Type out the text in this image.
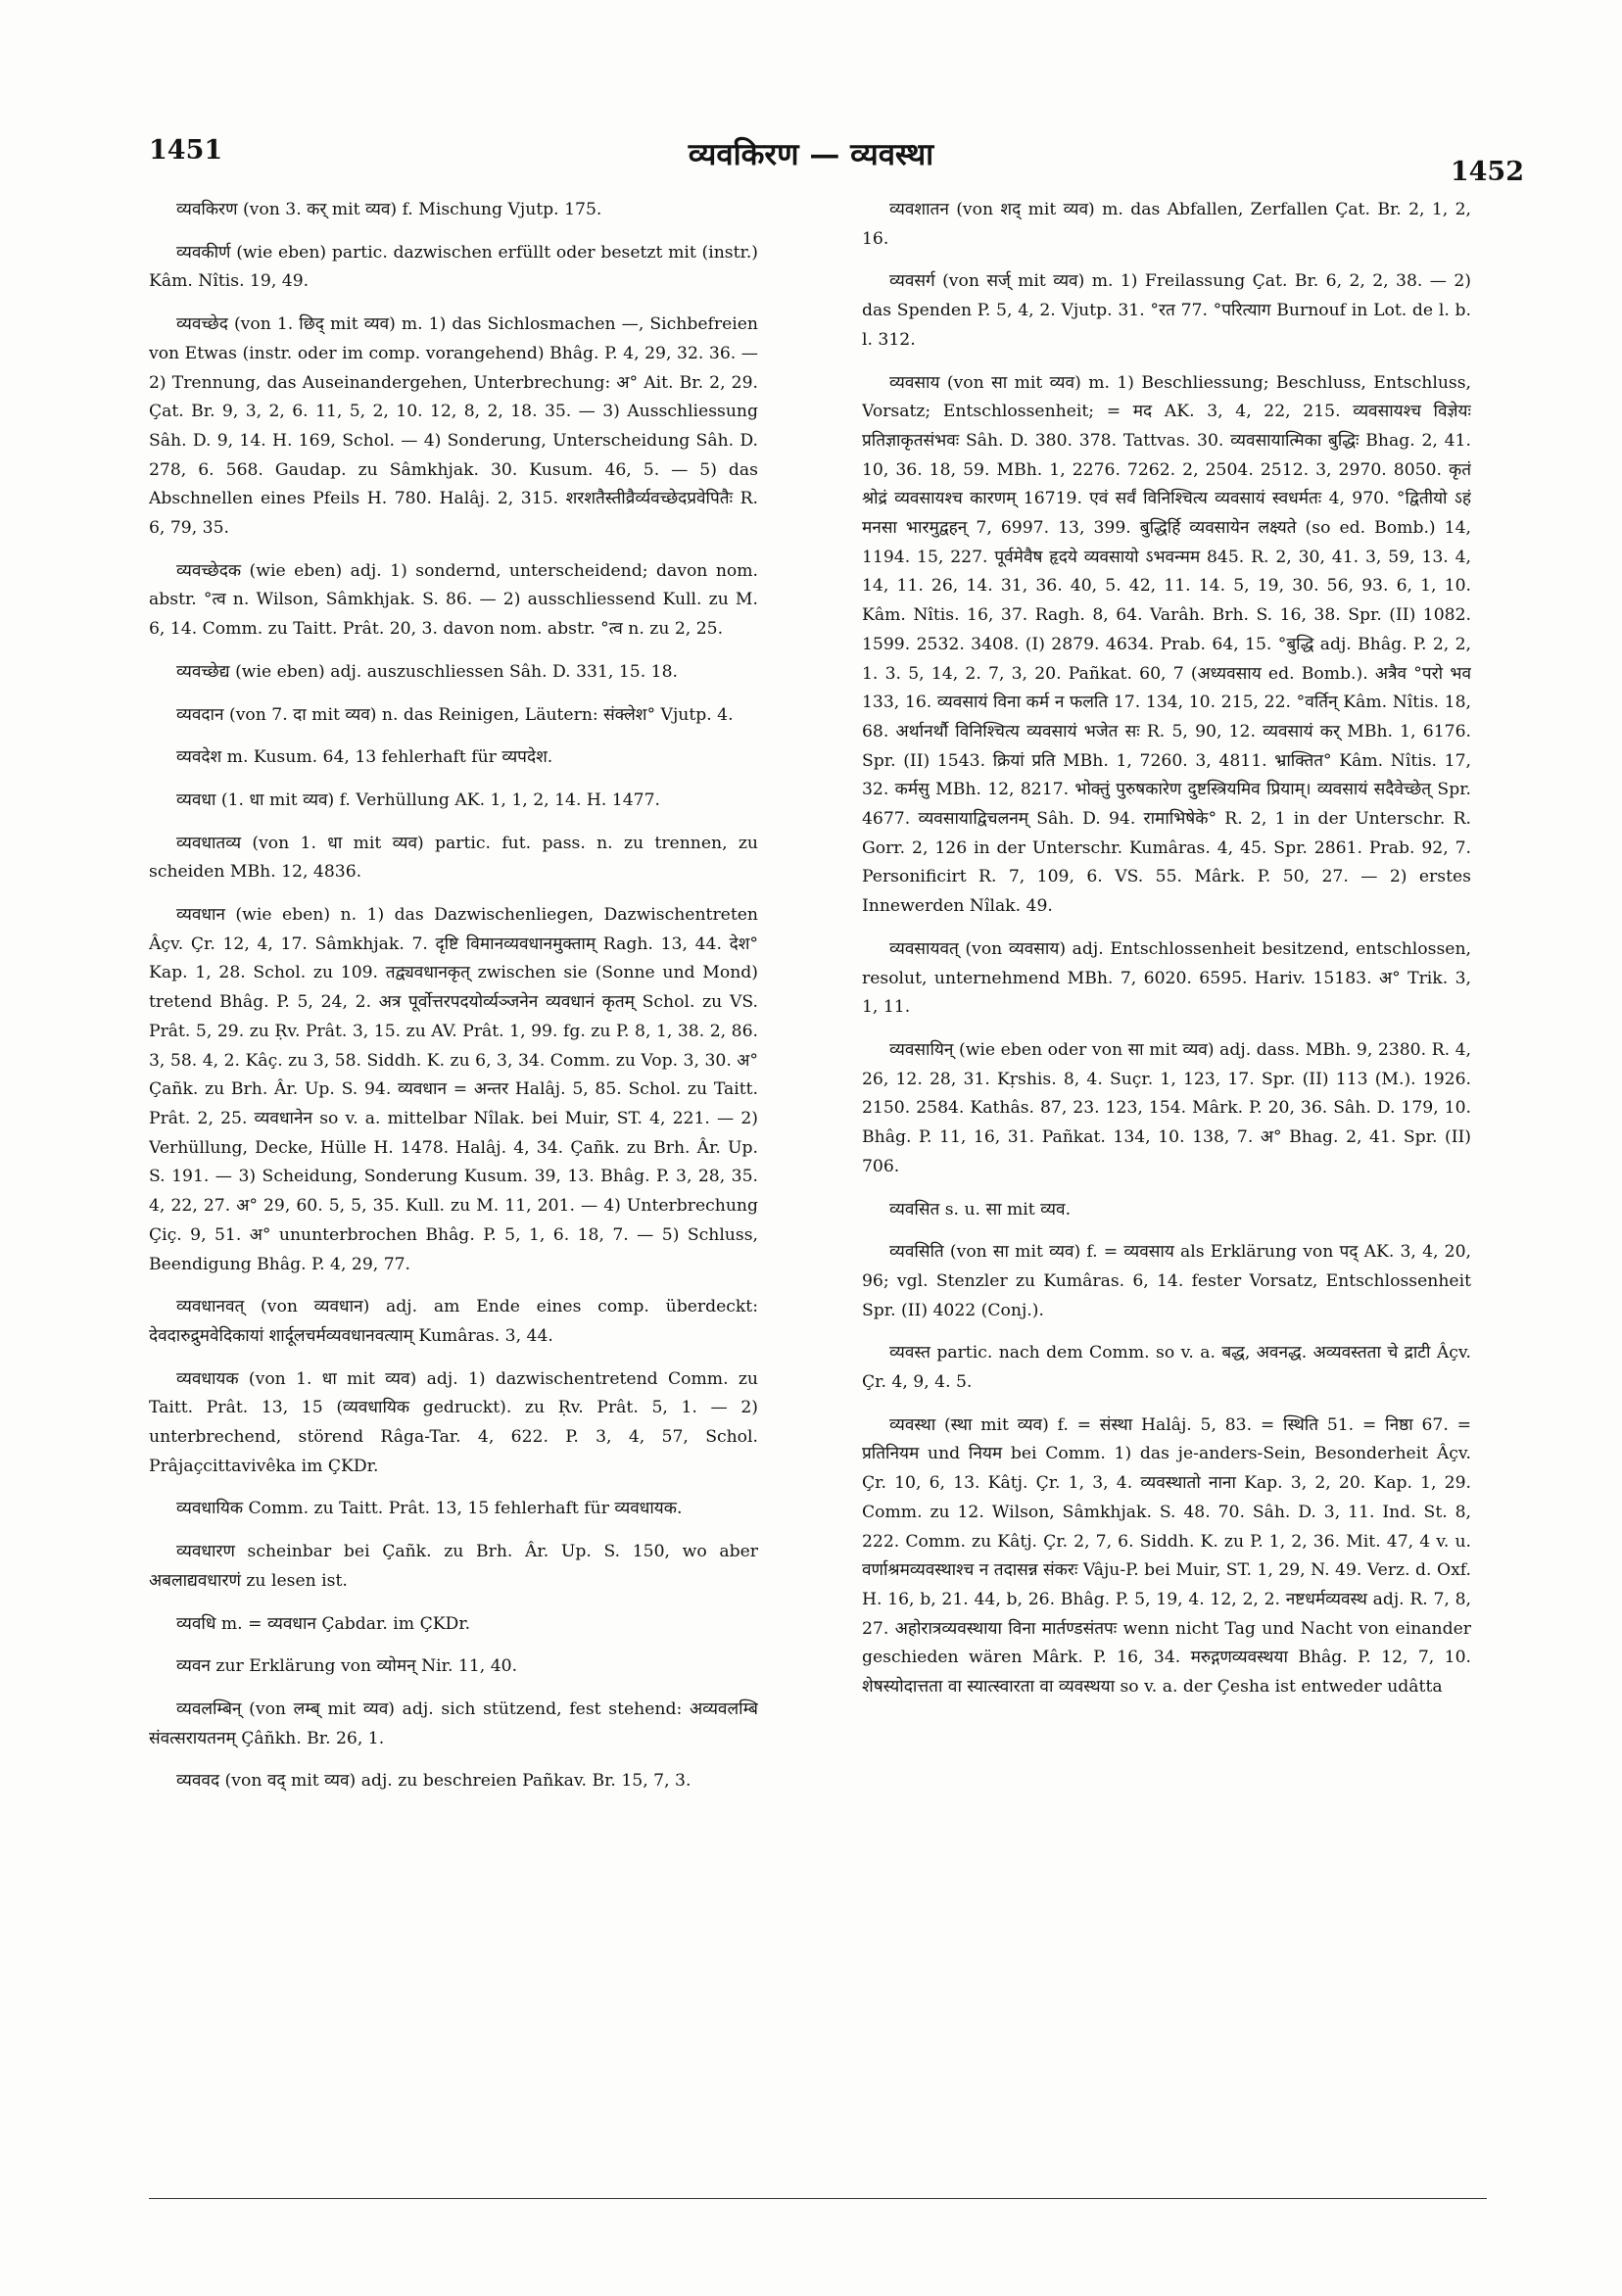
1451	व्यवकिरण — व्यवस्था	1452

व्यवकिरण (von 3. कर् mit व्यव) f. Mischung Vjutp. 175.

व्यवकीर्ण (wie eben) partic. dazwischen erfüllt oder besetzt mit (instr.) Kâm. Nîtis. 19, 49.

व्यवच्छेद (von 1. छिद् mit व्यव) m. 1) das Sichlosmachen —, Sichbefreien von Etwas (instr. oder im comp. vorangehend) Bhâg. P. 4, 29, 32. 36. — 2) Trennung, das Auseinandergehen, Unterbrechung: अ° Ait. Br. 2, 29. Çat. Br. 9, 3, 2, 6. 11, 5, 2, 10. 12, 8, 2, 18. 35. — 3) Ausschliessung Sâh. D. 9, 14. H. 169, Schol. — 4) Sonderung, Unterscheidung Sâh. D. 278, 6. 568. Gaudap. zu Sâmkhjak. 30. Kusum. 46, 5. — 5) das Abschnellen eines Pfeils H. 780. Halâj. 2, 315. शरशतैस्तीव्रैर्व्यवच्छेदप्रवेपितैः R. 6, 79, 35.

व्यवच्छेदक (wie eben) adj. 1) sondernd, unterscheidend; davon nom. abstr. °त्व n. Wilson, Sâmkhjak. S. 86. — 2) ausschliessend Kull. zu M. 6, 14. Comm. zu Taitt. Prât. 20, 3. davon nom. abstr. °त्व n. zu 2, 25.

व्यवच्छेद्य (wie eben) adj. auszuschliessen Sâh. D. 331, 15. 18.

व्यवदान (von 7. दा mit व्यव) n. das Reinigen, Läutern: संक्लेश° Vjutp. 4.

व्यवदेश m. Kusum. 64, 13 fehlerhaft für व्यपदेश.

व्यवधा (1. धा mit व्यव) f. Verhüllung AK. 1, 1, 2, 14. H. 1477.

व्यवधातव्य (von 1. धा mit व्यव) partic. fut. pass. n. zu trennen, zu scheiden MBh. 12, 4836.

व्यवधान (wie eben) n. 1) das Dazwischenliegen, Dazwischentreten Âçv. Çr. 12, 4, 17. Sâmkhjak. 7. दृष्टि विमानव्यवधानमुक्ताम् Ragh. 13, 44. देश° Kap. 1, 28. Schol. zu 109. तद्व्यवधानकृत् zwischen sie (Sonne und Mond) tretend Bhâg. P. 5, 24, 2. अत्र पूर्वोत्तरपदयोर्व्यञ्जनेन व्यवधानं कृतम् Schol. zu VS. Prât. 5, 29. zu Ṛv. Prât. 3, 15. zu AV. Prât. 1, 99. fg. zu P. 8, 1, 38. 2, 86. 3, 58. 4, 2. Kâç. zu 3, 58. Siddh. K. zu 6, 3, 34. Comm. zu Vop. 3, 30. अ° Çañk. zu Brh. Âr. Up. S. 94. व्यवधान = अन्तर Halâj. 5, 85. Schol. zu Taitt. Prât. 2, 25. व्यवधानेन so v. a. mittelbar Nîlak. bei Muir, ST. 4, 221. — 2) Verhüllung, Decke, Hülle H. 1478. Halâj. 4, 34. Çañk. zu Brh. Âr. Up. S. 191. — 3) Scheidung, Sonderung Kusum. 39, 13. Bhâg. P. 3, 28, 35. 4, 22, 27. अ° 29, 60. 5, 5, 35. Kull. zu M. 11, 201. — 4) Unterbrechung Çiç. 9, 51. अ° ununterbrochen Bhâg. P. 5, 1, 6. 18, 7. — 5) Schluss, Beendigung Bhâg. P. 4, 29, 77.

व्यवधानवत् (von व्यवधान) adj. am Ende eines comp. überdeckt: देवदारुद्रुमवेदिकायां शार्दूलचर्मव्यवधानवत्याम् Kumâras. 3, 44.

व्यवधायक (von 1. धा mit व्यव) adj. 1) dazwischentretend Comm. zu Taitt. Prât. 13, 15 (व्यवधायिक gedruckt). zu Ṛv. Prât. 5, 1. — 2) unterbrechend, störend Râga-Tar. 4, 622. P. 3, 4, 57, Schol. Prâjaçcittavivêka im ÇKDr.

व्यवधायिक Comm. zu Taitt. Prât. 13, 15 fehlerhaft für व्यवधायक.

व्यवधारण scheinbar bei Çañk. zu Brh. Âr. Up. S. 150, wo aber अबलाद्यवधारणं zu lesen ist.

व्यवधि m. = व्यवधान Çabdar. im ÇKDr.

व्यवन zur Erklärung von व्योमन् Nir. 11, 40.

व्यवलम्बिन् (von लम्ब् mit व्यव) adj. sich stützend, fest stehend: अव्यवलम्बि संवत्सरायतनम् Çâñkh. Br. 26, 1.

व्यववद (von वद् mit व्यव) adj. zu beschreien Pañkav. Br. 15, 7, 3.

व्यवशातन (von शद् mit व्यव) m. das Abfallen, Zerfallen Çat. Br. 2, 1, 2, 16.

व्यवसर्ग (von सर्ज् mit व्यव) m. 1) Freilassung Çat. Br. 6, 2, 2, 38. — 2) das Spenden P. 5, 4, 2. Vjutp. 31. °रत 77. °परित्याग Burnouf in Lot. de l. b. l. 312.

व्यवसाय (von सा mit व्यव) m. 1) Beschliessung; Beschluss, Entschluss, Vorsatz; Entschlossenheit; = मद AK. 3, 4, 22, 215. व्यवसायश्च विज्ञेयः प्रतिज्ञाकृतसंभवः Sâh. D. 380. 378. Tattvas. 30. व्यवसायात्मिका बुद्धिः Bhag. 2, 41. 10, 36. 18, 59. MBh. 1, 2276. 7262. 2, 2504. 2512. 3, 2970. 8050. कृतं श्रोद्रं व्यवसायश्च कारणम् 16719. एवं सर्वं विनिश्चित्य व्यवसायं स्वधर्मतः 4, 970. °द्वितीयो ऽहं मनसा भारमुद्वहन् 7, 6997. 13, 399. बुद्धिर्हि व्यवसायेन लक्ष्यते (so ed. Bomb.) 14, 1194. 15, 227. पूर्वमेवैष हृदये व्यवसायो ऽभवन्मम 845. R. 2, 30, 41. 3, 59, 13. 4, 14, 11. 26, 14. 31, 36. 40, 5. 42, 11. 14. 5, 19, 30. 56, 93. 6, 1, 10. Kâm. Nîtis. 16, 37. Ragh. 8, 64. Varâh. Brh. S. 16, 38. Spr. (II) 1082. 1599. 2532. 3408. (I) 2879. 4634. Prab. 64, 15. °बुद्धि adj. Bhâg. P. 2, 2, 1. 3. 5, 14, 2. 7, 3, 20. Pañkat. 60, 7 (अध्यवसाय ed. Bomb.). अत्रैव °परो भव 133, 16. व्यवसायं विना कर्म न फलति 17. 134, 10. 215, 22. °वर्तिन् Kâm. Nîtis. 18, 68. अर्थानर्थौ विनिश्चित्य व्यवसायं भजेत सः R. 5, 90, 12. व्यवसायं कर् MBh. 1, 6176. Spr. (II) 1543. क्रियां प्रति MBh. 1, 7260. 3, 4811. भ्राक्तित° Kâm. Nîtis. 17, 32. कर्मसु MBh. 12, 8217. भोक्तुं पुरुषकारेण दुष्टस्त्रियमिव प्रियाम्। व्यवसायं सदैवेच्छेत् Spr. 4677. व्यवसायाद्विचलनम् Sâh. D. 94. रामाभिषेके° R. 2, 1 in der Unterschr. R. Gorr. 2, 126 in der Unterschr. Kumâras. 4, 45. Spr. 2861. Prab. 92, 7. Personificirt R. 7, 109, 6. VS. 55. Mârk. P. 50, 27. — 2) erstes Innewerden Nîlak. 49.

व्यवसायवत् (von व्यवसाय) adj. Entschlossenheit besitzend, entschlossen, resolut, unternehmend MBh. 7, 6020. 6595. Hariv. 15183. अ° Trik. 3, 1, 11.

व्यवसायिन् (wie eben oder von सा mit व्यव) adj. dass. MBh. 9, 2380. R. 4, 26, 12. 28, 31. Kṛshis. 8, 4. Suçr. 1, 123, 17. Spr. (II) 113 (M.). 1926. 2150. 2584. Kathâs. 87, 23. 123, 154. Mârk. P. 20, 36. Sâh. D. 179, 10. Bhâg. P. 11, 16, 31. Pañkat. 134, 10. 138, 7. अ° Bhag. 2, 41. Spr. (II) 706.

व्यवसित s. u. सा mit व्यव.

व्यवसिति (von सा mit व्यव) f. = व्यवसाय als Erklärung von पद् AK. 3, 4, 20, 96; vgl. Stenzler zu Kumâras. 6, 14. fester Vorsatz, Entschlossenheit Spr. (II) 4022 (Conj.).

व्यवस्त partic. nach dem Comm. so v. a. बद्ध, अवनद्ध. अव्यवस्तता चे द्राटी Âçv. Çr. 4, 9, 4. 5.

व्यवस्था (स्था mit व्यव) f. = संस्था Halâj. 5, 83. = स्थिति 51. = निष्ठा 67. = प्रतिनियम und नियम bei Comm. 1) das je-anders-Sein, Besonderheit Âçv. Çr. 10, 6, 13. Kâtj. Çr. 1, 3, 4. व्यवस्थातो नाना Kap. 3, 2, 20. Kap. 1, 29. Comm. zu 12. Wilson, Sâmkhjak. S. 48. 70. Sâh. D. 3, 11. Ind. St. 8, 222. Comm. zu Kâtj. Çr. 2, 7, 6. Siddh. K. zu P. 1, 2, 36. Mit. 47, 4 v. u. वर्णाश्रमव्यवस्थाश्च न तदासन्न संकरः Vâju-P. bei Muir, ST. 1, 29, N. 49. Verz. d. Oxf. H. 16, b, 21. 44, b, 26. Bhâg. P. 5, 19, 4. 12, 2, 2. नष्टधर्मव्यवस्थ adj. R. 7, 8, 27. अहोरात्रव्यवस्थाया विना मार्तण्डसंतपः wenn nicht Tag und Nacht von einander geschieden wären Mârk. P. 16, 34. मरुद्गणव्यवस्थया Bhâg. P. 12, 7, 10. शेषस्योदात्तता वा स्यात्स्वारता वा व्यवस्थया so v. a. der Çesha ist entweder udâtta
